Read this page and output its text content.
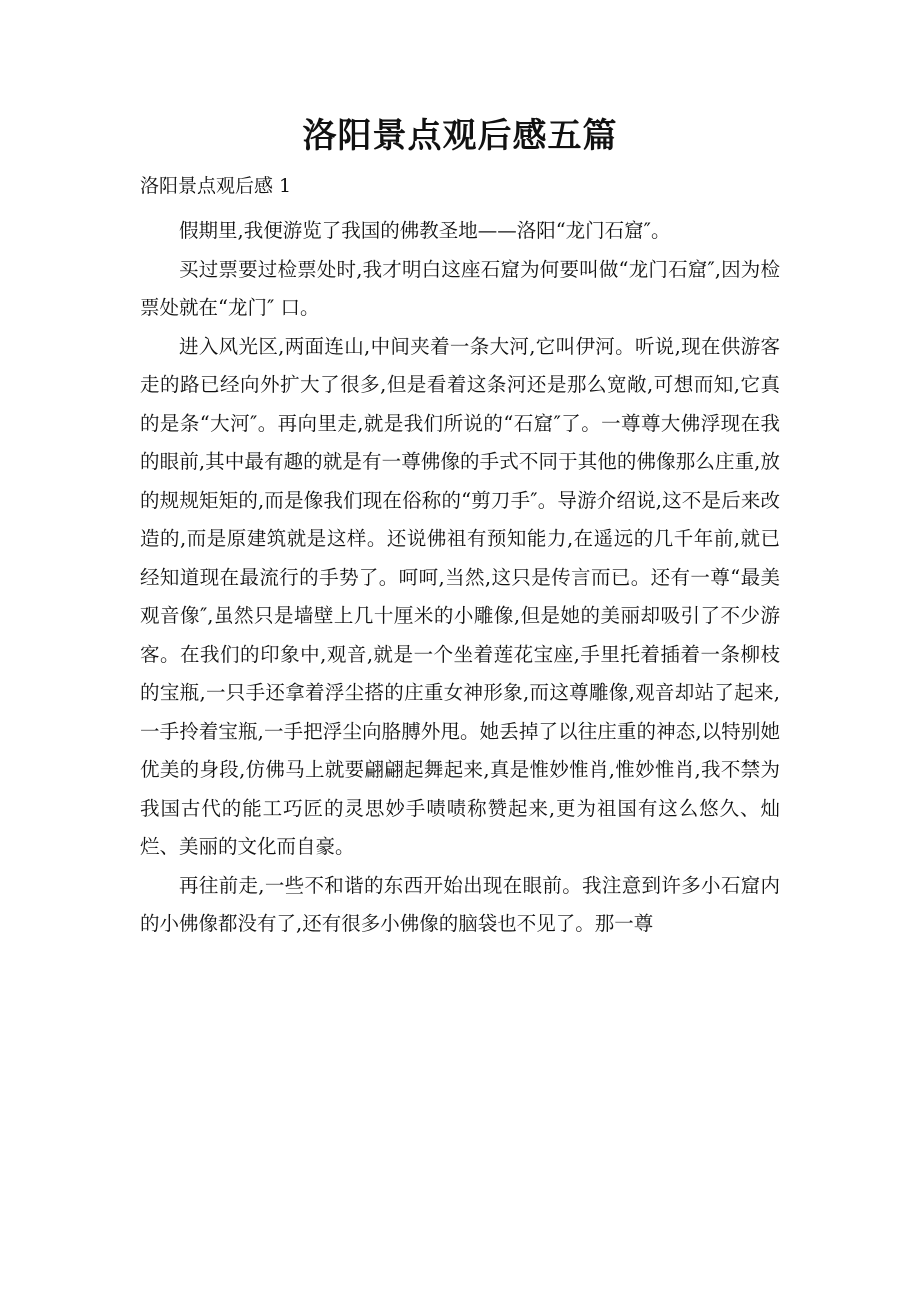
洛阳景点观后感五篇
洛阳景点观后感 1

假期里,我便游览了我国的佛教圣地——洛阳“龙门石窟″。

买过票要过检票处时,我才明白这座石窟为何要叫做“龙门石窟″,因为检票处就在“龙门″ 口。

进入风光区,两面连山,中间夹着一条大河,它叫伊河。听说,现在供游客走的路已经向外扩大了很多,但是看着这条河还是那么宽敞,可想而知,它真的是条“大河″。再向里走,就是我们所说的“石窟″了。一尊尊大佛浮现在我的眼前,其中最有趣的就是有一尊佛像的手式不同于其他的佛像那么庄重,放的规规矩矩的,而是像我们现在俗称的“剪刀手″。导游介绍说,这不是后来改造的,而是原建筑就是这样。还说佛祖有预知能力,在遥远的几千年前,就已经知道现在最流行的手势了。呵呵,当然,这只是传言而已。还有一尊“最美观音像″,虽然只是墙壁上几十厘米的小雕像,但是她的美丽却吸引了不少游客。在我们的印象中,观音,就是一个坐着莲花宝座,手里托着插着一条柳枝的宝瓶,一只手还拿着浮尘搭的庄重女神形象,而这尊雕像,观音却站了起来,一手拎着宝瓶,一手把浮尘向胳膊外甩。她丢掉了以往庄重的神态,以特别她优美的身段,仿佛马上就要翩翩起舞起来,真是惟妙惟肖,惟妙惟肖,我不禁为我国古代的能工巧匠的灵思妙手啧啧称赞起来,更为祖国有这么悠久、灿烂、美丽的文化而自豪。

再往前走,一些不和谐的东西开始出现在眼前。我注意到许多小石窟内的小佛像都没有了,还有很多小佛像的脑袋也不见了。那一尊
